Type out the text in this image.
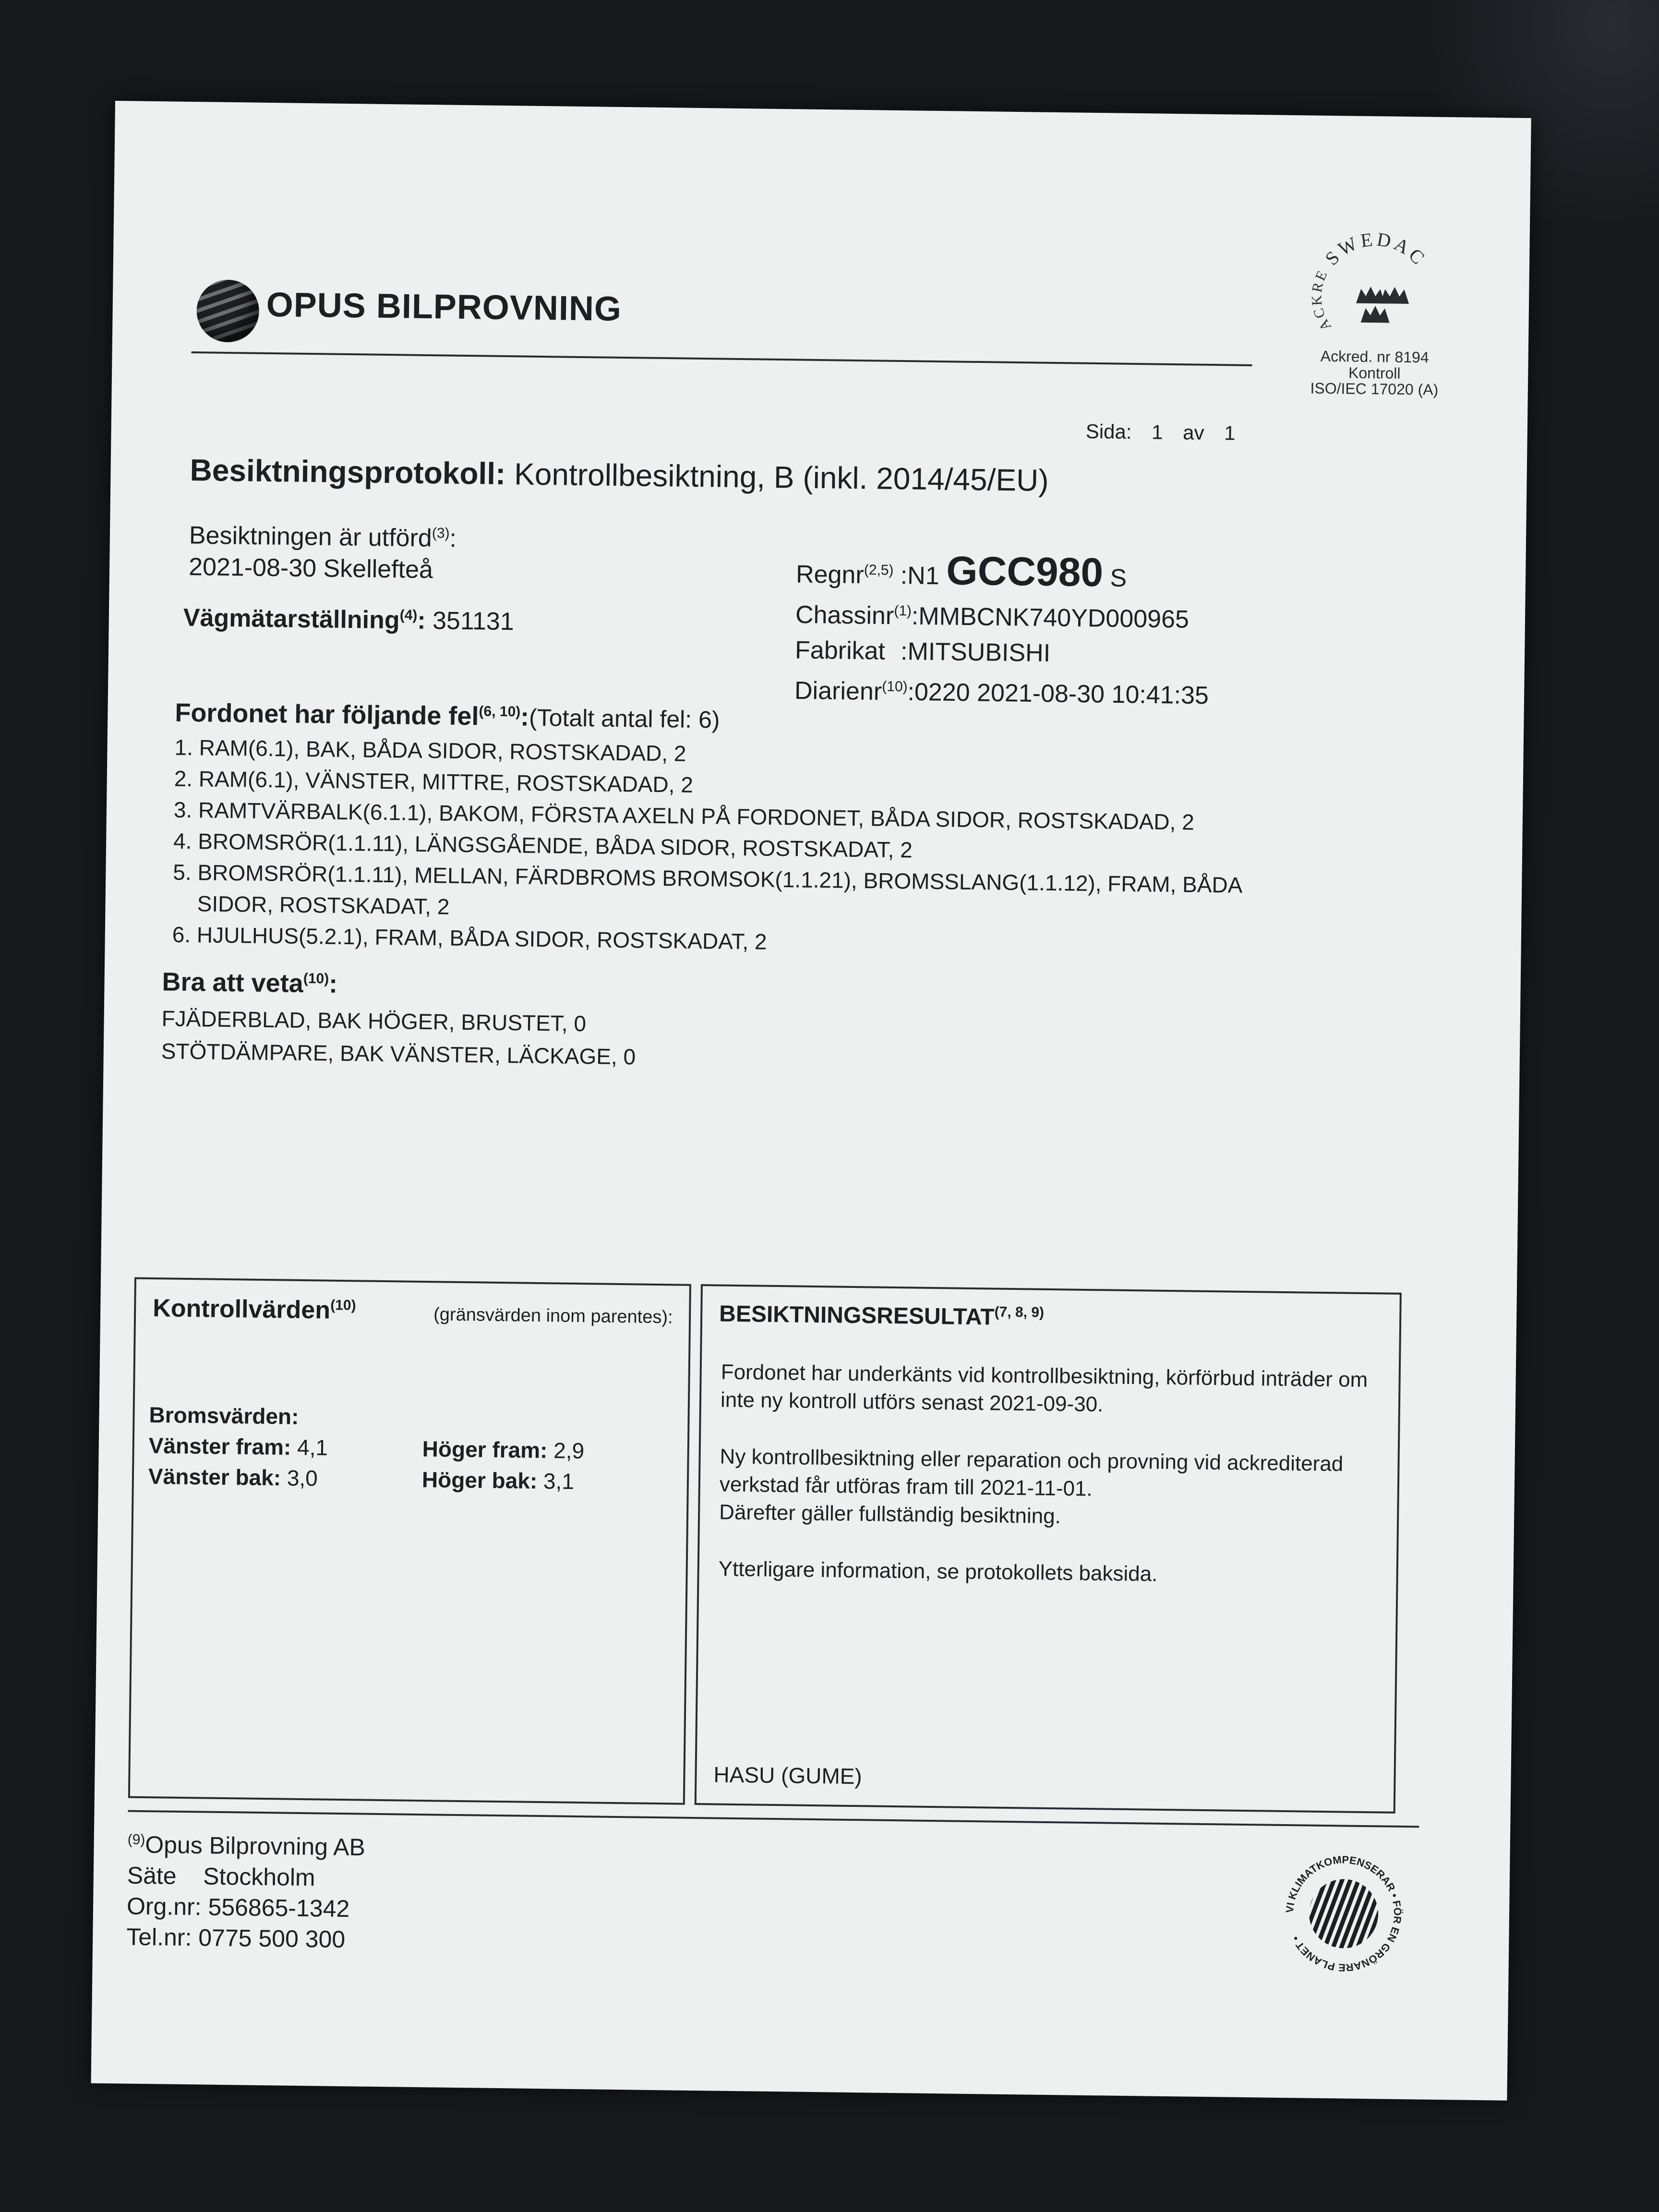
OPUS BILPROVNING
SWEDAC
ACKREDITERING
Ackred. nr 8194
Kontroll
ISO/IEC 17020 (A)
Sida: 1 av 1
Besiktningsprotokoll: Kontrollbesiktning, B (inkl. 2014/45/EU)
Besiktningen är utförd$^{(3)}$:
2021-08-30 Skellefteå
Vägmätarställning$^{(4)}$: 351131
Regnr$^{(2,5)}$ :N1 GCC980 S
Chassinr$^{(1)}$:MMBCNK740YD000965
Fabrikat :MITSUBISHI
Diarienr$^{(10)}$:0220 2021-08-30 10:41:35
Fordonet har följande fel$^{(6, 10)}$:(Totalt antal fel: 6)
1. RAM(6.1), BAK, BÅDA SIDOR, ROSTSKADAD, 2
2. RAM(6.1), VÄNSTER, MITTRE, ROSTSKADAD, 2
3. RAMTVÄRBALK(6.1.1), BAKOM, FÖRSTA AXELN PÅ FORDONET, BÅDA SIDOR, ROSTSKADAD, 2
4. BROMSRÖR(1.1.11), LÄNGSGÅENDE, BÅDA SIDOR, ROSTSKADAT, 2
5. BROMSRÖR(1.1.11), MELLAN, FÄRDBROMS BROMSOK(1.1.21), BROMSSLANG(1.1.12), FRAM, BÅDA
SIDOR, ROSTSKADAT, 2
6. HJULHUS(5.2.1), FRAM, BÅDA SIDOR, ROSTSKADAT, 2
Bra att veta$^{(10)}$:
FJÄDERBLAD, BAK HÖGER, BRUSTET, 0
STÖTDÄMPARE, BAK VÄNSTER, LÄCKAGE, 0
Kontrollvärden$^{(10)}$	(gränsvärden inom parentes):
Bromsvärden:
Vänster fram: 4,1	Höger fram: 2,9
Vänster bak: 3,0	Höger bak: 3,1
BESIKTNINGSRESULTAT$^{(7, 8, 9)}$

Fordonet har underkänts vid kontrollbesiktning, körförbud inträder om inte ny kontroll utförs senast 2021-09-30.

Ny kontrollbesiktning eller reparation och provning vid ackrediterad verkstad får utföras fram till 2021-11-01.
Därefter gäller fullständig besiktning.

Ytterligare information, se protokollets baksida.

HASU (GUME)
$^{(9)}$Opus Bilprovning AB
Säte    Stockholm
Org.nr: 556865-1342
Tel.nr: 0775 500 300
VI KLIMATKOMPENSERAR • FÖR EN GRÖNARE PLANET •
